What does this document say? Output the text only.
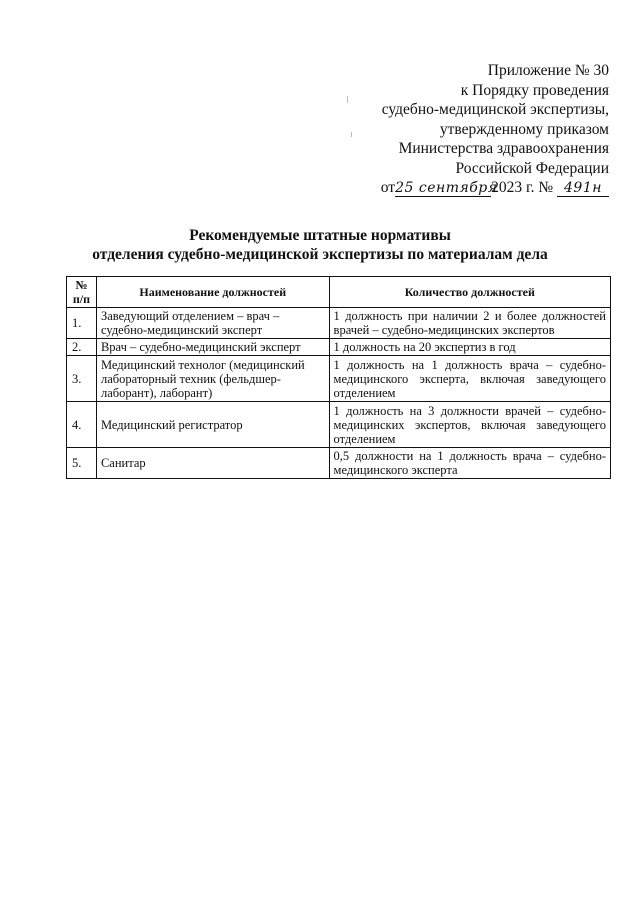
Приложение № 30
к Порядку проведения
судебно-медицинской экспертизы,
утвержденному приказом
Министерства здравоохранения
Российской Федерации
от25 сентября2023 г. № 491н
Рекомендуемые штатные нормативы
отделения судебно-медицинской экспертизы по материалам дела
№ п/п	Наименование должностей	Количество должностей
1.	Заведующий отделением – врач – судебно-медицинский эксперт	1 должность при наличии 2 и более должностей врачей – судебно-медицинских экспертов
2.	Врач – судебно-медицинский эксперт	1 должность на 20 экспертиз в год
3.	Медицинский технолог (медицинский лабораторный техник (фельдшер-лаборант), лаборант)	1 должность на 1 должность врача – судебно-медицинского эксперта, включая заведующего отделением
4.	Медицинский регистратор	1 должность на 3 должности врачей – судебно-медицинских экспертов, включая заведующего отделением
5.	Санитар	0,5 должности на 1 должность врача – судебно-медицинского эксперта
